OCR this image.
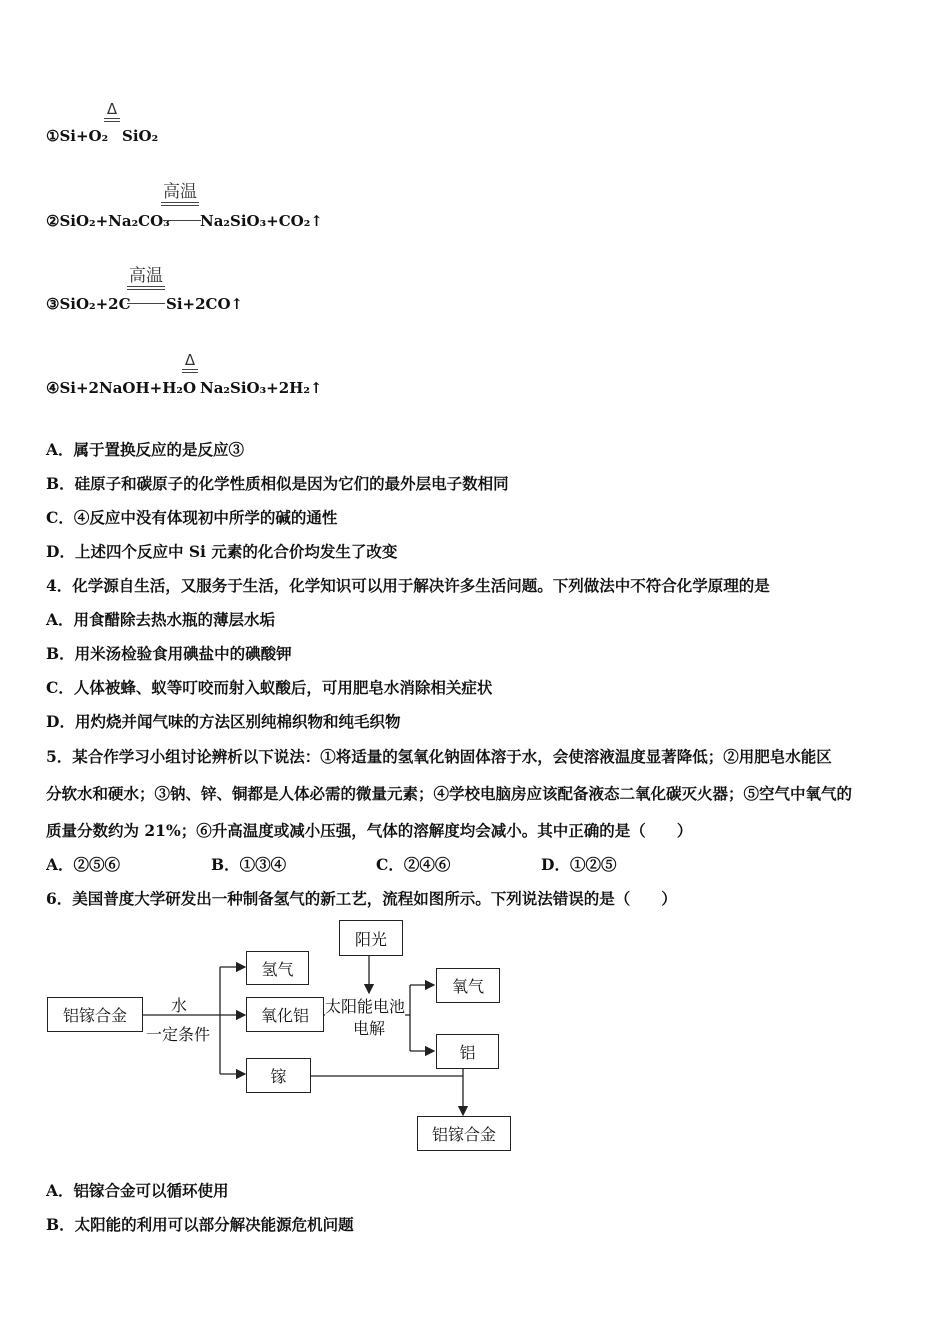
Δ
①Si+O₂ SiO₂
高温
②SiO₂+Na₂CO₃ Na₂SiO₃+CO₂↑
高温
③SiO₂+2C Si+2CO↑
Δ
④Si+2NaOH+H₂O Na₂SiO₃+2H₂↑
A．属于置换反应的是反应③
B．硅原子和碳原子的化学性质相似是因为它们的最外层电子数相同
C．④反应中没有体现初中所学的碱的通性
D．上述四个反应中 Si 元素的化合价均发生了改变
4．化学源自生活，又服务于生活，化学知识可以用于解决许多生活问题。下列做法中不符合化学原理的是
A．用食醋除去热水瓶的薄层水垢
B．用米汤检验食用碘盐中的碘酸钾
C．人体被蜂、蚁等叮咬而射入蚁酸后，可用肥皂水消除相关症状
D．用灼烧并闻气味的方法区别纯棉织物和纯毛织物
5．某合作学习小组讨论辨析以下说法：①将适量的氢氧化钠固体溶于水，会使溶液温度显著降低；②用肥皂水能区
分软水和硬水；③钠、锌、铜都是人体必需的微量元素；④学校电脑房应该配备液态二氧化碳灭火器；⑤空气中氧气的
质量分数约为 21%；⑥升高温度或减小压强，气体的溶解度均会减小。其中正确的是（　　）
A．②⑤⑥	B．①③④	C．②④⑥	D．①②⑤
6．美国普度大学研发出一种制备氢气的新工艺，流程如图所示。下列说法错误的是（　　）
铝镓合金
水
一定条件
氢气
氧化铝
镓
阳光
太阳能电池
电解
氧气
铝
铝镓合金
A．铝镓合金可以循环使用
B．太阳能的利用可以部分解决能源危机问题
